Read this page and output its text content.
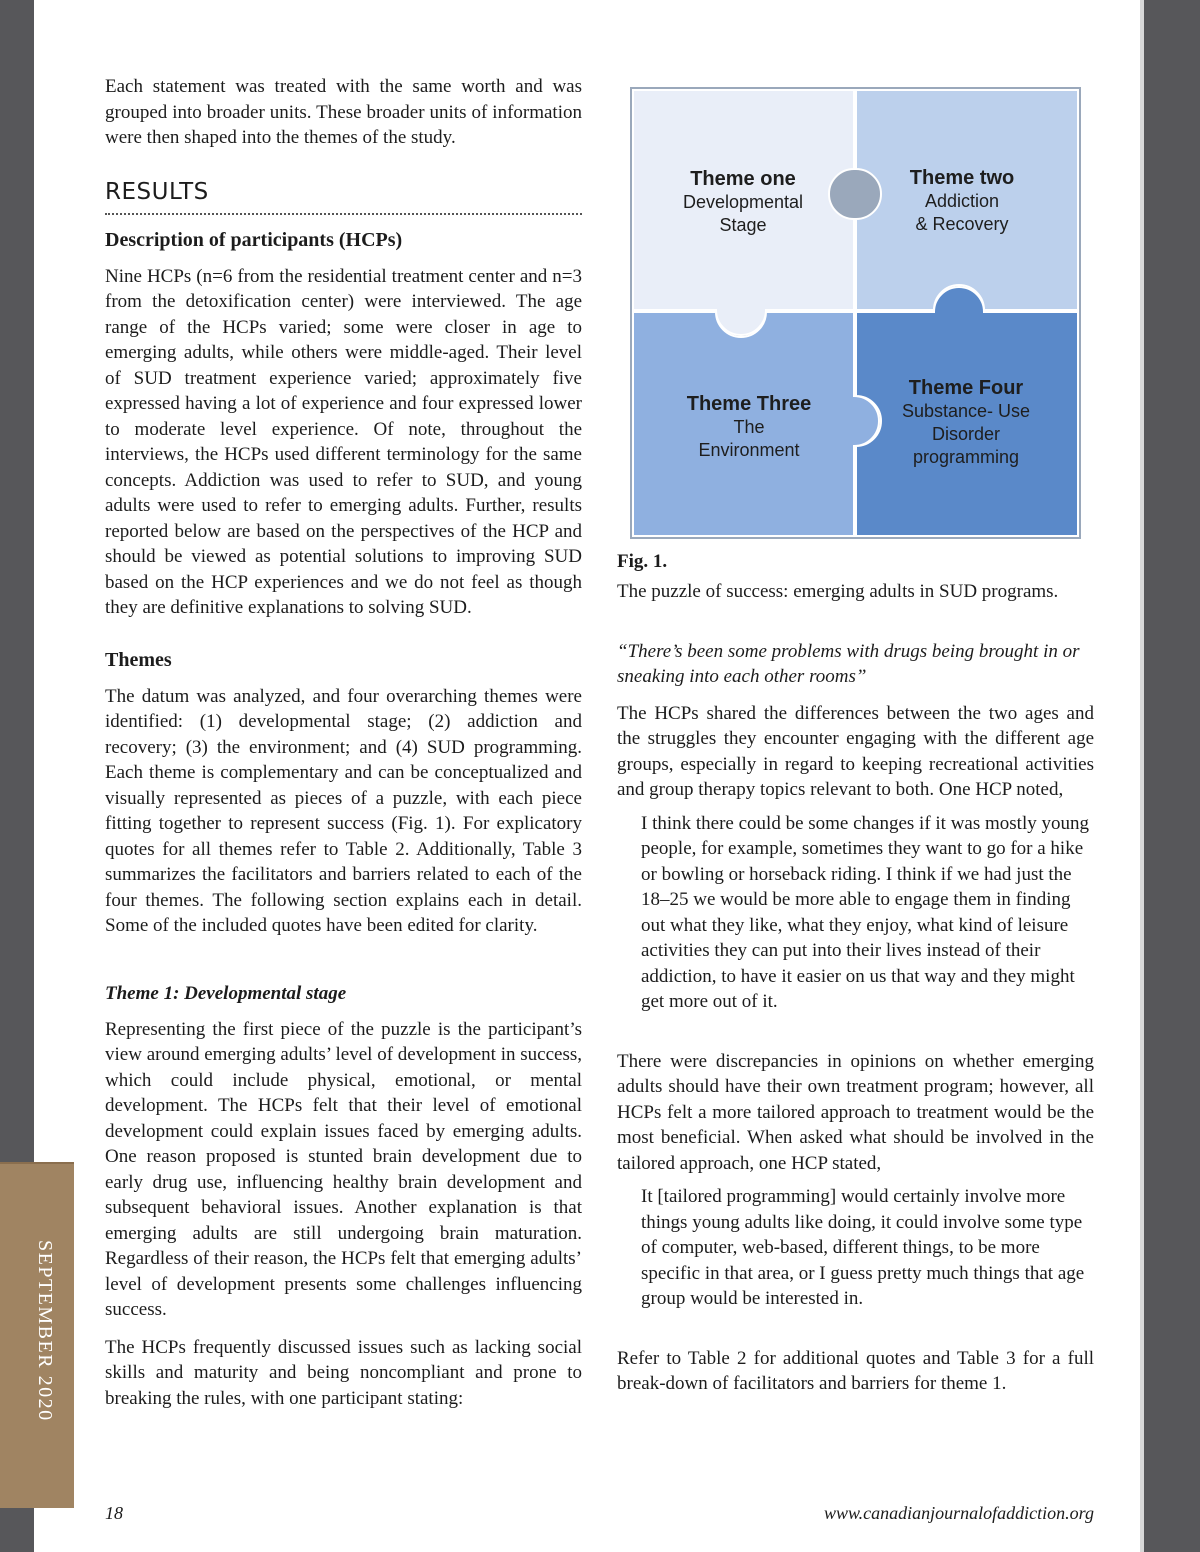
SEPTEMBER 2020

Each statement was treated with the same worth and was grouped into broader units. These broader units of information were then shaped into the themes of the study.

RESULTS
Description of participants (HCPs)

Nine HCPs (n=6 from the residential treatment center and n=3 from the detoxification center) were interviewed. The age range of the HCPs varied; some were closer in age to emerging adults, while others were middle-aged. Their level of SUD treatment experience varied; approximately five expressed having a lot of experience and four expressed lower to moderate level experience. Of note, throughout the interviews, the HCPs used different terminology for the same concepts. Addiction was used to refer to SUD, and young adults were used to refer to emerging adults. Further, results reported below are based on the perspectives of the HCP and should be viewed as potential solutions to improving SUD based on the HCP experiences and we do not feel as though they are definitive explanations to solving SUD.

Themes

The datum was analyzed, and four overarching themes were identified: (1) developmental stage; (2) addiction and recovery; (3) the environment; and (4) SUD programming. Each theme is complementary and can be conceptualized and visually represented as pieces of a puzzle, with each piece fitting together to represent success (Fig. 1). For explicatory quotes for all themes refer to Table 2. Additionally, Table 3 summarizes the facilitators and barriers related to each of the four themes. The following section explains each in detail. Some of the included quotes have been edited for clarity.

Theme 1: Developmental stage

Representing the first piece of the puzzle is the participant’s view around emerging adults’ level of development in success, which could include physical, emotional, or mental development. The HCPs felt that their level of emotional development could explain issues faced by emerging adults. One reason proposed is stunted brain development due to early drug use, influencing healthy brain development and subsequent behavioral issues. Another explanation is that emerging adults are still undergoing brain maturation. Regardless of their reason, the HCPs felt that emerging adults’ level of development presents some challenges influencing success.

The HCPs frequently discussed issues such as lacking social skills and maturity and being noncompliant and prone to breaking the rules, with one participant stating:

Theme one
Developmental
Stage
Theme two
Addiction
& Recovery
Theme Three
The
Environment
Theme Four
Substance- Use
Disorder
programming
Fig. 1.

The puzzle of success: emerging adults in SUD programs.

“There’s been some problems with drugs being brought in or sneaking into each other rooms”

The HCPs shared the differences between the two ages and the struggles they encounter engaging with the different age groups, especially in regard to keeping recreational activities and group therapy topics relevant to both. One HCP noted,

I think there could be some changes if it was mostly young people, for example, sometimes they want to go for a hike or bowling or horseback riding. I think if we had just the 18–25 we would be more able to engage them in finding out what they like, what they enjoy, what kind of leisure activities they can put into their lives instead of their addiction, to have it easier on us that way and they might get more out of it.

There were discrepancies in opinions on whether emerging adults should have their own treatment program; however, all HCPs felt a more tailored approach to treatment would be the most beneficial. When asked what should be involved in the tailored approach, one HCP stated,

It [tailored programming] would certainly involve more things young adults like doing, it could involve some type of computer, web-based, different things, to be more specific in that area, or I guess pretty much things that age group would be interested in.

Refer to Table 2 for additional quotes and Table 3 for a full break-down of facilitators and barriers for theme 1.

18	www.canadianjournalofaddiction.org
